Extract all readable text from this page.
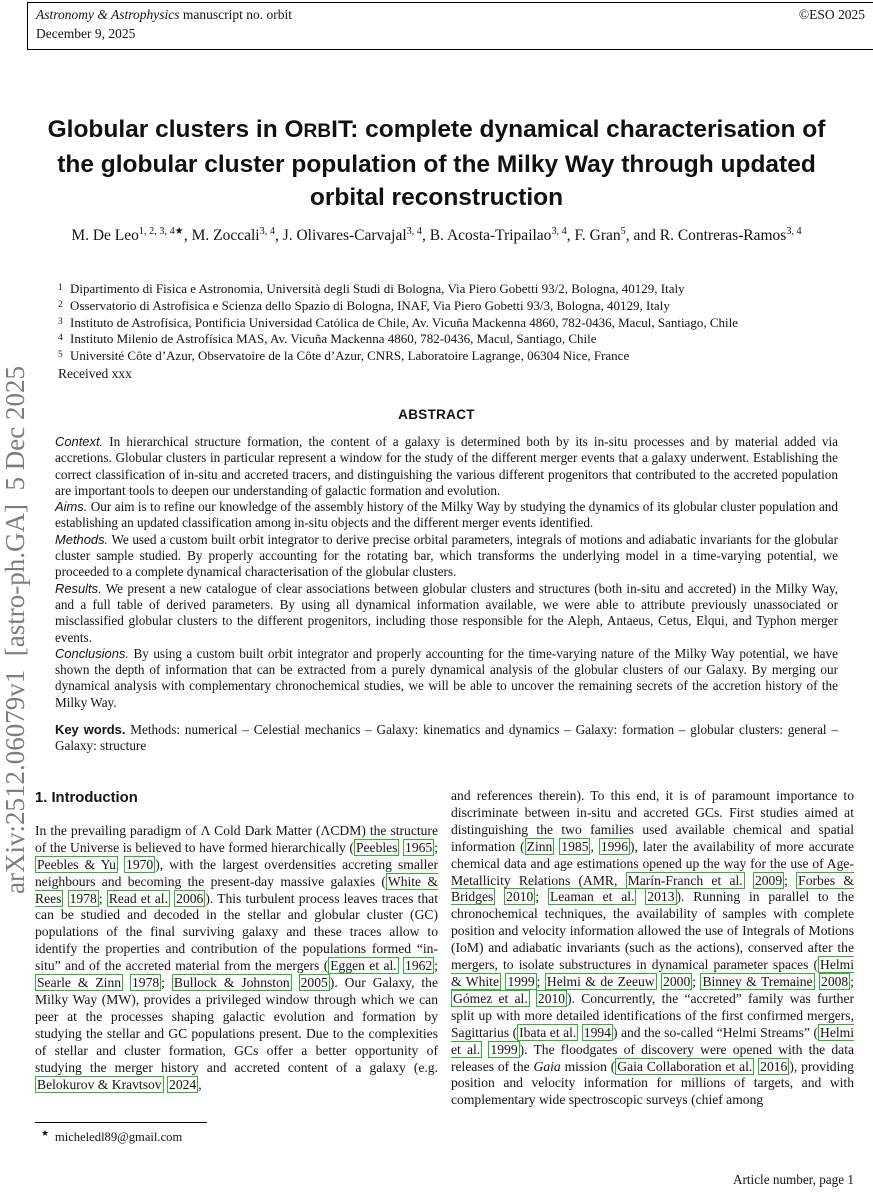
Astronomy & Astrophysics manuscript no. orbit
December 9, 2025
©ESO 2025
arXiv:2512.06079v1  [astro-ph.GA]  5 Dec 2025
Globular clusters in ORBIT: complete dynamical characterisation of
the globular cluster population of the Milky Way through updated
orbital reconstruction
M. De Leo$^{1, 2, 3, 4★}$, M. Zoccali$^{3, 4}$, J. Olivares-Carvajal$^{3, 4}$, B. Acosta-Tripailao$^{3, 4}$, F. Gran$^5$, and R. Contreras-Ramos$^{3, 4}$
1 Dipartimento di Fisica e Astronomia, Università degli Studi di Bologna, Via Piero Gobetti 93/2, Bologna, 40129, Italy
2 Osservatorio di Astrofisica e Scienza dello Spazio di Bologna, INAF, Via Piero Gobetti 93/3, Bologna, 40129, Italy
3 Instituto de Astrofísica, Pontificia Universidad Católica de Chile, Av. Vicuña Mackenna 4860, 782-0436, Macul, Santiago, Chile
4 Instituto Milenio de Astrofísica MAS, Av. Vicuña Mackenna 4860, 782-0436, Macul, Santiago, Chile
5 Université Côte d’Azur, Observatoire de la Côte d’Azur, CNRS, Laboratoire Lagrange, 06304 Nice, France
Received xxx
ABSTRACT
Context. In hierarchical structure formation, the content of a galaxy is determined both by its in-situ processes and by material added via accretions. Globular clusters in particular represent a window for the study of the different merger events that a galaxy underwent. Establishing the correct classification of in-situ and accreted tracers, and distinguishing the various different progenitors that contributed to the accreted population are important tools to deepen our understanding of galactic formation and evolution.
Aims. Our aim is to refine our knowledge of the assembly history of the Milky Way by studying the dynamics of its globular cluster population and establishing an updated classification among in-situ objects and the different merger events identified.
Methods. We used a custom built orbit integrator to derive precise orbital parameters, integrals of motions and adiabatic invariants for the globular cluster sample studied. By properly accounting for the rotating bar, which transforms the underlying model in a time-varying potential, we proceeded to a complete dynamical characterisation of the globular clusters.
Results. We present a new catalogue of clear associations between globular clusters and structures (both in-situ and accreted) in the Milky Way, and a full table of derived parameters. By using all dynamical information available, we were able to attribute previously unassociated or misclassified globular clusters to the different progenitors, including those responsible for the Aleph, Antaeus, Cetus, Elqui, and Typhon merger events.
Conclusions. By using a custom built orbit integrator and properly accounting for the time-varying nature of the Milky Way potential, we have shown the depth of information that can be extracted from a purely dynamical analysis of the globular clusters of our Galaxy. By merging our dynamical analysis with complementary chronochemical studies, we will be able to uncover the remaining secrets of the accretion history of the Milky Way.
Key words. Methods: numerical – Celestial mechanics – Galaxy: kinematics and dynamics – Galaxy: formation – globular clusters: general – Galaxy: structure
1. Introduction
In the prevailing paradigm of Λ Cold Dark Matter (ΛCDM) the structure of the Universe is believed to have formed hierarchically ( Peebles 1965 ; Peebles & Yu 1970 ), with the largest overdensities accreting smaller neighbours and becoming the present-day massive galaxies ( White & Rees 1978 ; Read et al. 2006 ). This turbulent process leaves traces that can be studied and decoded in the stellar and globular cluster (GC) populations of the final surviving galaxy and these traces allow to identify the properties and contribution of the populations formed “in-situ” and of the accreted material from the mergers ( Eggen et al. 1962 ; Searle & Zinn 1978 ; Bullock & Johnston 2005 ). Our Galaxy, the Milky Way (MW), provides a privileged window through which we can peer at the processes shaping galactic evolution and formation by studying the stellar and GC populations present. Due to the complexities of stellar and cluster formation, GCs offer a better opportunity of studying the merger history and accreted content of a galaxy (e.g. Belokurov & Kravtsov 2024 ,
and references therein). To this end, it is of paramount importance to discriminate between in-situ and accreted GCs. First studies aimed at distinguishing the two families used available chemical and spatial information ( Zinn 1985 , 1996 ), later the availability of more accurate chemical data and age estimations opened up the way for the use of Age-Metallicity Relations (AMR, Marín-Franch et al. 2009 ; Forbes & Bridges 2010 ; Leaman et al. 2013 ). Running in parallel to the chronochemical techniques, the availability of samples with complete position and velocity information allowed the use of Integrals of Motions (IoM) and adiabatic invariants (such as the actions), conserved after the mergers, to isolate substructures in dynamical parameter spaces ( Helmi & White 1999 ; Helmi & de Zeeuw 2000 ; Binney & Tremaine 2008 ; Gómez et al. 2010 ). Concurrently, the “accreted” family was further split up with more detailed identifications of the first confirmed mergers, Sagittarius ( Ibata et al. 1994 ) and the so-called “Helmi Streams” ( Helmi et al. 1999 ). The floodgates of discovery were opened with the data releases of the Gaia mission ( Gaia Collaboration et al. 2016 ), providing position and velocity information for millions of targets, and with complementary wide spectroscopic surveys (chief among
★ micheledl89@gmail.com
Article number, page 1
